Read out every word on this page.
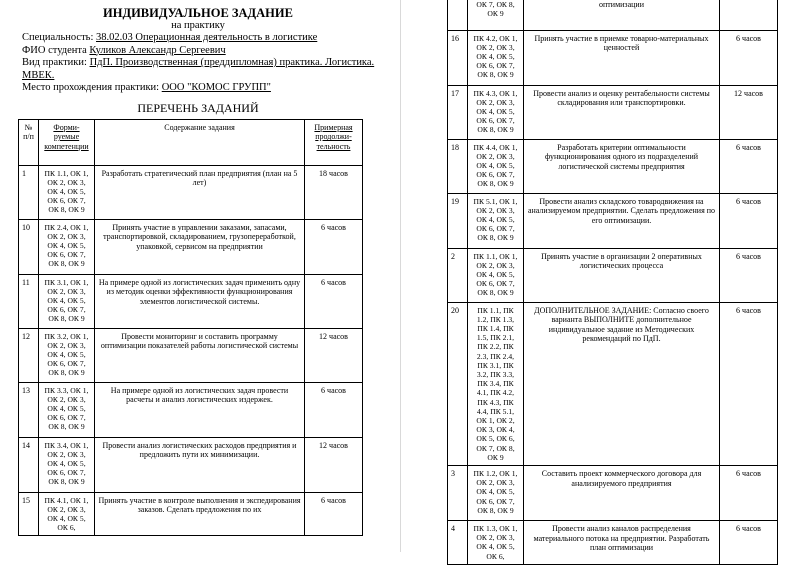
ИНДИВИДУАЛЬНОЕ ЗАДАНИЕ
на практику
Специальность: 38.02.03 Операционная деятельность в логистике
ФИО студента Куликов Александр Сергеевич
Вид практики: ПдП. Производственная (преддипломная) практика. Логистика. МВЕК.
Место прохождения практики: ООО "КОМОС ГРУПП"
ПЕРЕЧЕНЬ ЗАДАНИЙ
№ п/п	Форми-руемые компетенции	Содержание задания	Примерная продолжи-тельность
1	ПК 1.1, ОК 1, ОК 2, ОК 3, ОК 4, ОК 5, ОК 6, ОК 7, ОК 8, ОК 9	Разработать стратегический план предприятия (план на 5 лет)	18 часов
10	ПК 2.4, ОК 1, ОК 2, ОК 3, ОК 4, ОК 5, ОК 6, ОК 7, ОК 8, ОК 9	Принять участие в управлении заказами, запасами, транспортировкой, складированием, грузопереработкой, упаковкой, сервисом на предприятии	6 часов
11	ПК 3.1, ОК 1, ОК 2, ОК 3, ОК 4, ОК 5, ОК 6, ОК 7, ОК 8, ОК 9	На примере одной из логистических задач применить одну из методик оценки эффективности функционирования элементов логистической системы.	6 часов
12	ПК 3.2, ОК 1, ОК 2, ОК 3, ОК 4, ОК 5, ОК 6, ОК 7, ОК 8, ОК 9	Провести мониторинг и составить программу оптимизации показателей работы логистической системы	12 часов
13	ПК 3.3, ОК 1, ОК 2, ОК 3, ОК 4, ОК 5, ОК 6, ОК 7, ОК 8, ОК 9	На примере одной из логистических задач провести расчеты и анализ логистических издержек.	6 часов
14	ПК 3.4, ОК 1, ОК 2, ОК 3, ОК 4, ОК 5, ОК 6, ОК 7, ОК 8, ОК 9	Провести анализ логистических расходов предприятия и предложить пути их минимизации.	12 часов
15	ПК 4.1, ОК 1, ОК 2, ОК 3, ОК 4, ОК 5, ОК 6,	Принять участие в контроле выполнения и экспедирования заказов. Сделать предложения по их	6 часов
	ОК 7, ОК 8, ОК 9	оптимизации	
16	ПК 4.2, ОК 1, ОК 2, ОК 3, ОК 4, ОК 5, ОК 6, ОК 7, ОК 8, ОК 9	Принять участие в приемке товарно-материальных ценностей	6 часов
17	ПК 4.3, ОК 1, ОК 2, ОК 3, ОК 4, ОК 5, ОК 6, ОК 7, ОК 8, ОК 9	Провести анализ и оценку рентабельности системы складирования или транспортировки.	12 часов
18	ПК 4.4, ОК 1, ОК 2, ОК 3, ОК 4, ОК 5, ОК 6, ОК 7, ОК 8, ОК 9	Разработать критерии оптимальности функционирования одного из подразделений логистической системы предприятия	6 часов
19	ПК 5.1, ОК 1, ОК 2, ОК 3, ОК 4, ОК 5, ОК 6, ОК 7, ОК 8, ОК 9	Провести анализ складского товародвижения на анализируемом предприятии. Сделать предложения по его оптимизации.	6 часов
2	ПК 1.1, ОК 1, ОК 2, ОК 3, ОК 4, ОК 5, ОК 6, ОК 7, ОК 8, ОК 9	Принять участие в организации 2 оперативных логистических процесса	6 часов
20	ПК 1.1, ПК 1.2, ПК 1.3, ПК 1.4, ПК 1.5, ПК 2.1, ПК 2.2, ПК 2.3, ПК 2.4, ПК 3.1, ПК 3.2, ПК 3.3, ПК 3.4, ПК 4.1, ПК 4.2, ПК 4.3, ПК 4.4, ПК 5.1, ОК 1, ОК 2, ОК 3, ОК 4, ОК 5, ОК 6, ОК 7, ОК 8, ОК 9	ДОПОЛНИТЕЛЬНОЕ ЗАДАНИЕ: Согласно своего варианта ВЫПОЛНИТЕ дополнительное индивидуальное задание из Методических рекомендаций по ПдП.	6 часов
3	ПК 1.2, ОК 1, ОК 2, ОК 3, ОК 4, ОК 5, ОК 6, ОК 7, ОК 8, ОК 9	Составить проект коммерческого договора для анализируемого предприятия	6 часов
4	ПК 1.3, ОК 1, ОК 2, ОК 3, ОК 4, ОК 5, ОК 6,	Провести анализ каналов распределения материального потока на предприятии. Разработать план оптимизации	6 часов
